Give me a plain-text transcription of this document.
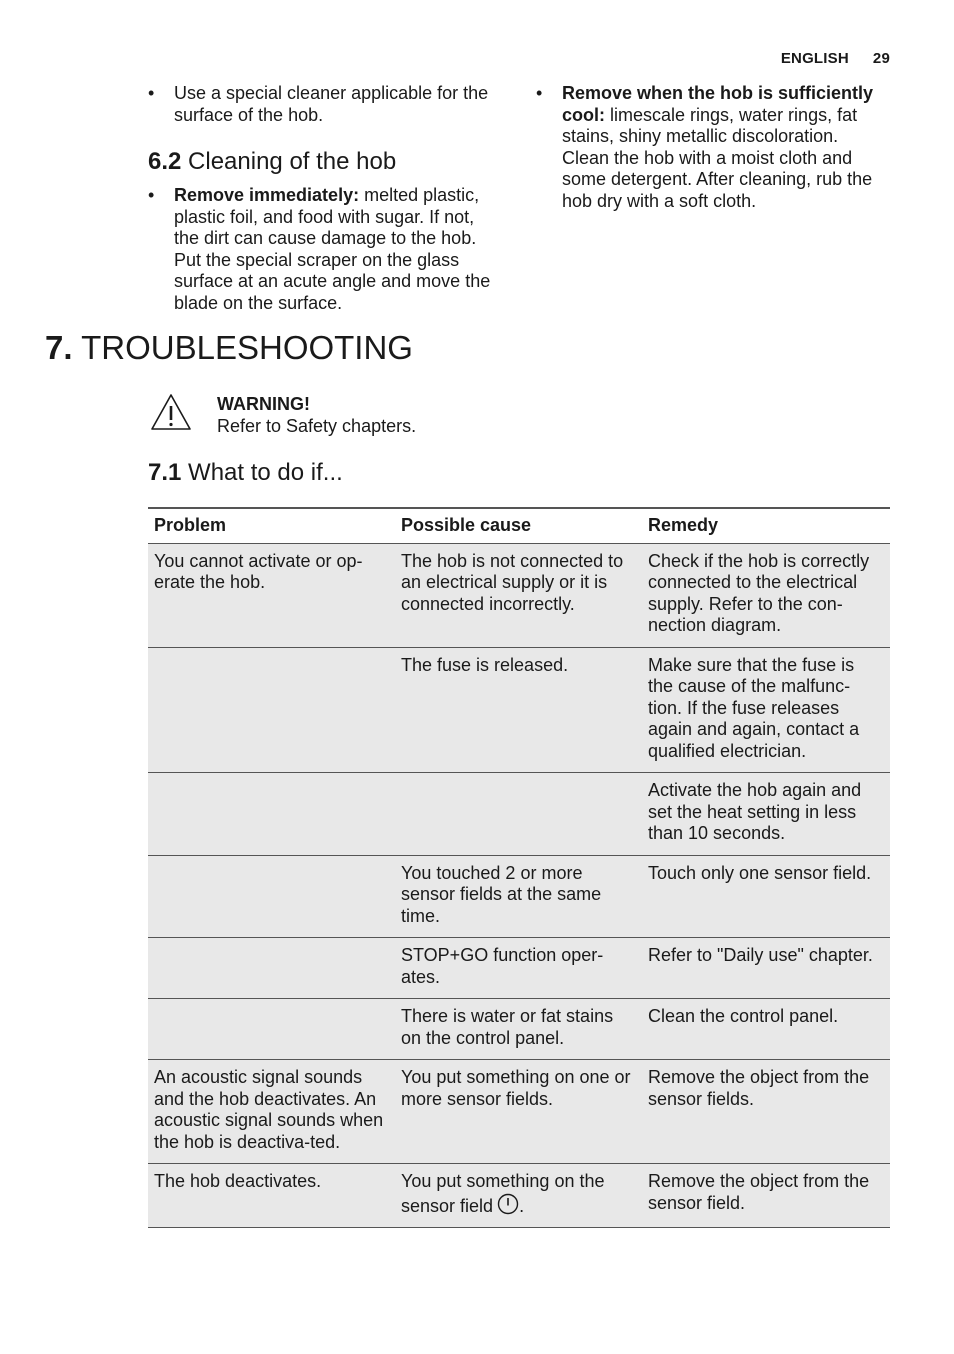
ENGLISH 29
• Use a special cleaner applicable for the surface of the hob.
6.2 Cleaning of the hob
• Remove immediately: melted plastic, plastic foil, and food with sugar. If not, the dirt can cause damage to the hob. Put the special scraper on the glass surface at an acute angle and move the blade on the surface.
• Remove when the hob is sufficiently cool: limescale rings, water rings, fat stains, shiny metallic discoloration. Clean the hob with a moist cloth and some detergent. After cleaning, rub the hob dry with a soft cloth.
7. TROUBLESHOOTING
WARNING!
Refer to Safety chapters.
7.1 What to do if...
Problem	Possible cause	Remedy
You cannot activate or op-erate the hob.	The hob is not connected to an electrical supply or it is connected incorrectly.	Check if the hob is correctly connected to the electrical supply. Refer to the con-nection diagram.
	The fuse is released.	Make sure that the fuse is the cause of the malfunc-tion. If the fuse releases again and again, contact a qualified electrician.
		Activate the hob again and set the heat setting in less than 10 seconds.
	You touched 2 or more sensor fields at the same time.	Touch only one sensor field.
	STOP+GO function oper-ates.	Refer to "Daily use" chapter.
	There is water or fat stains on the control panel.	Clean the control panel.
An acoustic signal sounds and the hob deactivates. An acoustic signal sounds when the hob is deactiva-ted.	You put something on one or more sensor fields.	Remove the object from the sensor fields.
The hob deactivates.	You put something on the sensor field .	Remove the object from the sensor field.
